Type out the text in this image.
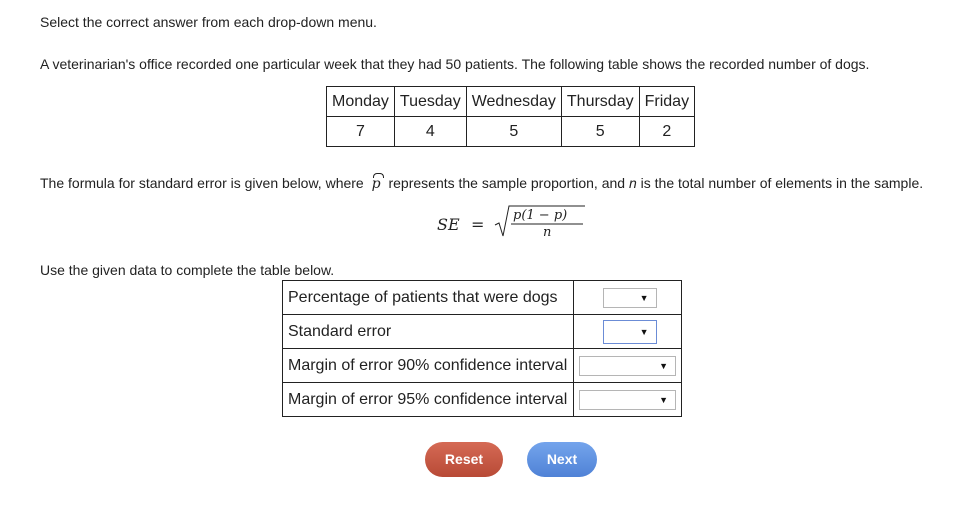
Select the correct answer from each drop-down menu.
A veterinarian's office recorded one particular week that they had 50 patients. The following table shows the recorded number of dogs.
Monday	Tuesday	Wednesday	Thursday	Friday
7	4	5	5	2
The formula for standard error is given below, where p represents the sample proportion, and n is the total number of elements in the sample.
SE = p(1 − p)
n
Use the given data to complete the table below.
Percentage of patients that were dogs	▼

Standard error	▼

Margin of error 90% confidence interval	▼

Margin of error 95% confidence interval	▼
Reset	Next
